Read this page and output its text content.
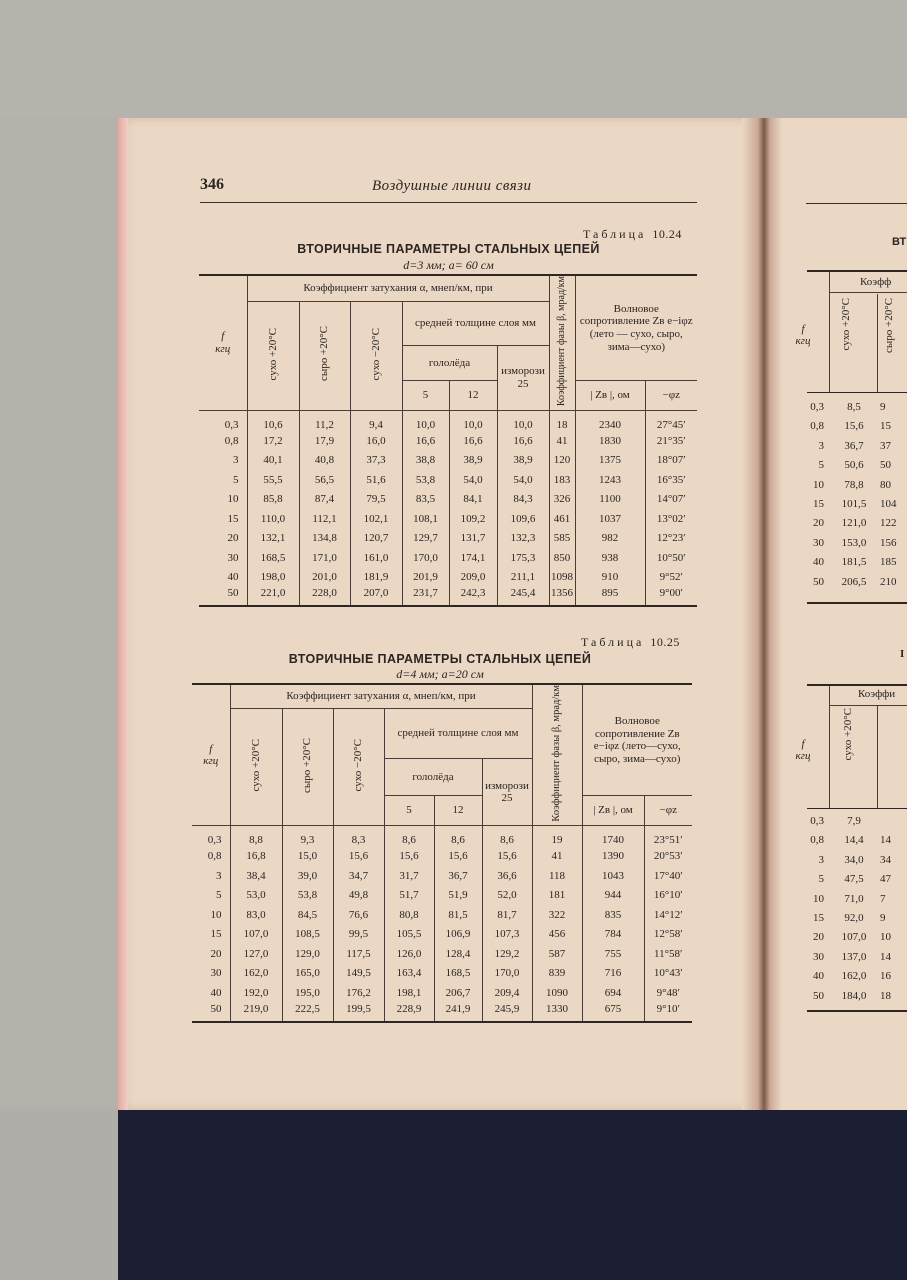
346	Воздушные линии связи
Таблица 10.24
ВТОРИЧНЫЕ ПАРАМЕТРЫ СТАЛЬНЫХ ЦЕПЕЙ
d=3 мм; a= 60 см
f
кгц	Коэффициент затухания α, мнеп/км, при						Коэффициент фазы β, мрад/км	Волновое сопротивление Zв e−iφz (лето — сухо, сыро, зима—сухо)	
	сухо +20°C	сыро +20°C	сухо −20°C	средней толщине слоя мм					
				гололёда		изморози 25			
				5	12			| Zв |, ом	−φz
0,3	10,6	11,2	9,4	10,0	10,0	10,0	18	2340	27°45′
0,8	17,2	17,9	16,0	16,6	16,6	16,6	41	1830	21°35′
3	40,1	40,8	37,3	38,8	38,9	38,9	120	1375	18°07′
5	55,5	56,5	51,6	53,8	54,0	54,0	183	1243	16°35′
10	85,8	87,4	79,5	83,5	84,1	84,3	326	1100	14°07′
15	110,0	112,1	102,1	108,1	109,2	109,6	461	1037	13°02′
20	132,1	134,8	120,7	129,7	131,7	132,3	585	982	12°23′
30	168,5	171,0	161,0	170,0	174,1	175,3	850	938	10°50′
40	198,0	201,0	181,9	201,9	209,0	211,1	1098	910	9°52′
50	221,0	228,0	207,0	231,7	242,3	245,4	1356	895	9°00′
Таблица 10.25
ВТОРИЧНЫЕ ПАРАМЕТРЫ СТАЛЬНЫХ ЦЕПЕЙ
d=4 мм; a=20 см
f
кгц	Коэффициент затухания α, мнеп/км, при						Коэффициент фазы β, мрад/км	Волновое сопротивление Zв e−iφz (лето—сухо, сыро, зима—сухо)	
	сухо +20°C	сыро +20°C	сухо −20°C	средней толщине слоя мм					
				гололёда		изморози 25			
				5	12			| Zв |, ом	−φz
0,3	8,8	9,3	8,3	8,6	8,6	8,6	19	1740	23°51′
0,8	16,8	15,0	15,6	15,6	15,6	15,6	41	1390	20°53′
3	38,4	39,0	34,7	31,7	36,7	36,6	118	1043	17°40′
5	53,0	53,8	49,8	51,7	51,9	52,0	181	944	16°10′
10	83,0	84,5	76,6	80,8	81,5	81,7	322	835	14°12′
15	107,0	108,5	99,5	105,5	106,9	107,3	456	784	12°58′
20	127,0	129,0	117,5	126,0	128,4	129,2	587	755	11°58′
30	162,0	165,0	149,5	163,4	168,5	170,0	839	716	10°43′
40	192,0	195,0	176,2	198,1	206,7	209,4	1090	694	9°48′
50	219,0	222,5	199,5	228,9	241,9	245,9	1330	675	9°10′
ВТ
Коэфф
f
кгц	сухо +20°C	сыро +20°C
0,3	8,5	9
0,8	15,6	15
3	36,7	37
5	50,6	50
10	78,8	80
15	101,5	104
20	121,0	122
30	153,0	156
40	181,5	185
50	206,5	210
I
Коэффи
f
кгц	сухо +20°C
0,3	7,9
0,8	14,4	14
3	34,0	34
5	47,5	47
10	71,0	7
15	92,0	9
20	107,0	10
30	137,0	14
40	162,0	16
50	184,0	18
